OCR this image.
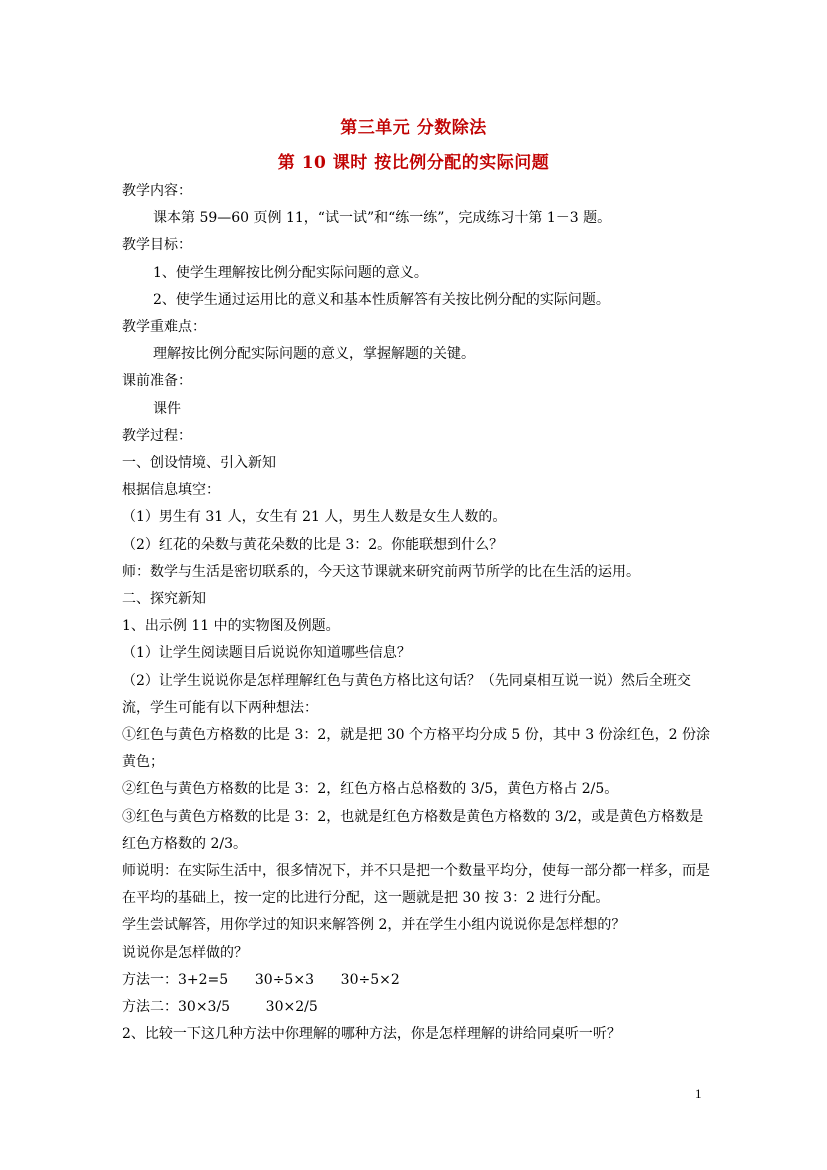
第三单元 分数除法
第 10 课时 按比例分配的实际问题
教学内容：
课本第 59—60 页例 11，“试一试”和“练一练”，完成练习十第 1－3 题。
教学目标：
1、使学生理解按比例分配实际问题的意义。
2、使学生通过运用比的意义和基本性质解答有关按比例分配的实际问题。
教学重难点：
理解按比例分配实际问题的意义，掌握解题的关键。
课前准备：
课件
教学过程：
一、创设情境、引入新知
根据信息填空：
（1）男生有 31 人，女生有 21 人，男生人数是女生人数的。
（2）红花的朵数与黄花朵数的比是 3：2。你能联想到什么？
师：数学与生活是密切联系的，今天这节课就来研究前两节所学的比在生活的运用。
二、探究新知
1、出示例 11 中的实物图及例题。
（1）让学生阅读题目后说说你知道哪些信息？
（2）让学生说说你是怎样理解红色与黄色方格比这句话？（先同桌相互说一说）然后全班交流，学生可能有以下两种想法：
①红色与黄色方格数的比是 3：2，就是把 30 个方格平均分成 5 份，其中 3 份涂红色，2 份涂黄色；
②红色与黄色方格数的比是 3：2，红色方格占总格数的 3/5，黄色方格占 2/5。
③红色与黄色方格数的比是 3：2，也就是红色方格数是黄色方格数的 3/2，或是黄色方格数是红色方格数的 2/3。
师说明：在实际生活中，很多情况下，并不只是把一个数量平均分，使每一部分都一样多，而是在平均的基础上，按一定的比进行分配，这一题就是把 30 按 3：2 进行分配。
学生尝试解答，用你学过的知识来解答例 2，并在学生小组内说说你是怎样想的？
说说你是怎样做的？
方法一：3+2=5      30÷5×3      30÷5×2
方法二：30×3/5        30×2/5
2、比较一下这几种方法中你理解的哪种方法，你是怎样理解的讲给同桌听一听？
1
